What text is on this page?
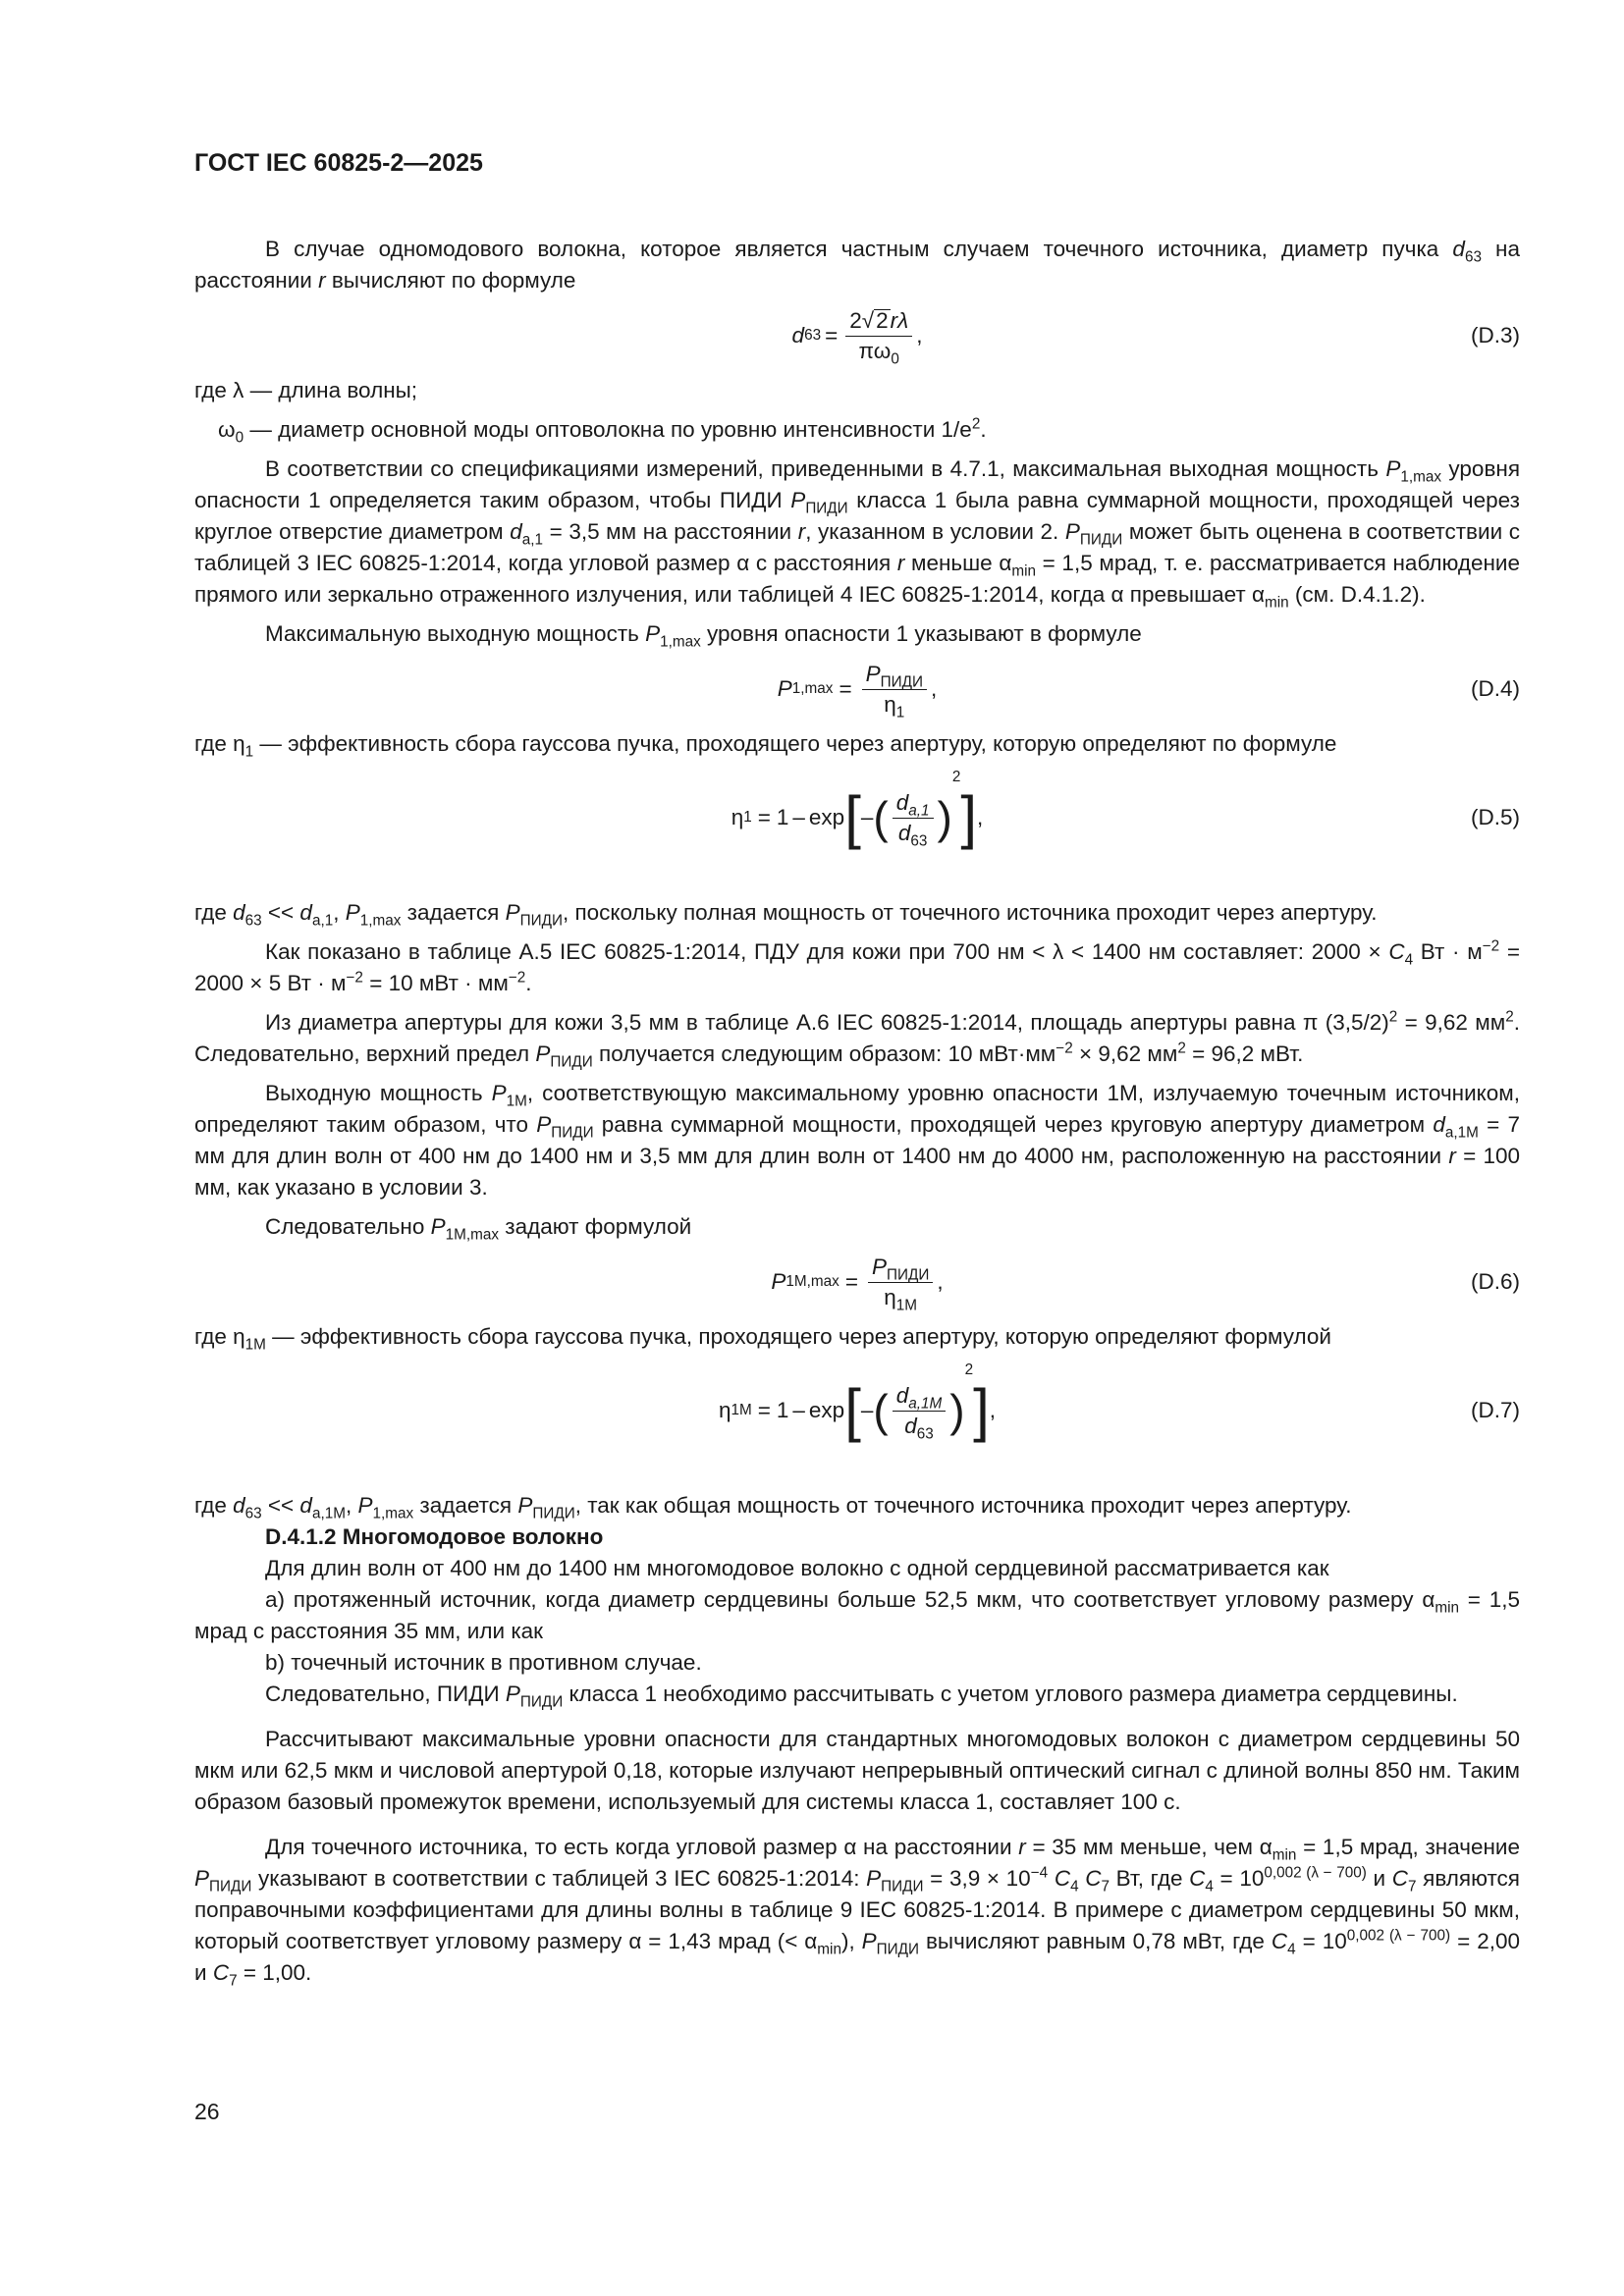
ГОСТ IEC 60825-2—2025

В случае одномодового волокна, которое является частным случаем точечного источника, диаметр пучка $d_{63}$ на расстоянии r вычисляют по формуле

d $63 = \frac{2√2r\lambda}{\pi\omega_0}$ ,	(D.3)

где λ — длина волны;

$\omega_0$ — диаметр основной моды оптоволокна по уровню интенсивности $1/e^2$.

В соответствии со спецификациями измерений, приведенными в 4.7.1, максимальная выходная мощность $P_{1,max}$ уровня опасности 1 определяется таким образом, чтобы ПИДИ $P_{ПИДИ}$ класса 1 была равна суммарной мощности, проходящей через круглое отверстие диаметром $d_{a,1} = 3,5$ мм на расстоянии r, указанном в условии 2. $P_{ПИДИ}$ может быть оценена в соответствии с таблицей 3 IEC 60825-1:2014, когда угловой размер α с расстояния r меньше $\alpha_{min} = 1,5$ мрад, т. е. рассматривается наблюдение прямого или зеркально отраженного излучения, или таблицей 4 IEC 60825-1:2014, когда α превышает $\alpha_{min}$ (см. D.4.1.2).

Максимальную выходную мощность $P_{1,max}$ уровня опасности 1 указывают в формуле

P $1,\max = \frac{P_{ПИДИ}}{\eta_1}$ ,	(D.4)

где $\eta_1$ — эффективность сбора гауссова пучка, проходящего через апертуру, которую определяют по формуле

η 1 = 1 – exp [ – ( $\frac{d_{a,1}}{d_{63}}$ )
2
] ,	(D.5)

где $d_{63} << d_{a,1}$, $P_{1,max}$ задается $P_{ПИДИ}$, поскольку полная мощность от точечного источника проходит через апертуру.

Как показано в таблице А.5 IEC 60825-1:2014, ПДУ для кожи при 700 нм < λ < 1400 нм составляет: $2000 \times C_4$ Вт · $м^{-2} = 2000 \times 5$ Вт · $м^{-2} = 10$ мВт · $мм^{-2}$.

Из диаметра апертуры для кожи 3,5 мм в таблице А.6 IEC 60825-1:2014, площадь апертуры равна π $(3,5/2)^2 = 9,62$ $мм^2$. Следовательно, верхний предел $P_{ПИДИ}$ получается следующим образом: 10 $мВт\cdot мм^{-2} \times 9,62$ $мм^2 = 96,2$ мВт.

Выходную мощность $P_{1M}$, соответствующую максимальному уровню опасности 1M, излучаемую точечным источником, определяют таким образом, что $P_{ПИДИ}$ равна суммарной мощности, проходящей через круговую апертуру диаметром $d_{a,1M} = 7$ мм для длин волн от 400 нм до 1400 нм и 3,5 мм для длин волн от 1400 нм до 4000 нм, расположенную на расстоянии r = 100 мм, как указано в условии 3.

Следовательно $P_{1M,max}$ задают формулой

P $1M,\max = \frac{P_{ПИДИ}}{\eta_{1M}}$ ,	(D.6)

где $\eta_{1M}$ — эффективность сбора гауссова пучка, проходящего через апертуру, которую определяют формулой

η 1M = 1 – exp [ – ( $\frac{d_{a,1M}}{d_{63}}$ )
2
] ,	(D.7)

где $d_{63} << d_{a,1M}$, $P_{1,max}$ задается $P_{ПИДИ}$, так как общая мощность от точечного источника проходит через апертуру.

D.4.1.2 Многомодовое волокно

Для длин волн от 400 нм до 1400 нм многомодовое волокно с одной сердцевиной рассматривается как

a) протяженный источник, когда диаметр сердцевины больше 52,5 мкм, что соответствует угловому размеру $\alpha_{min} = 1,5$ мрад с расстояния 35 мм, или как

b) точечный источник в противном случае.

Следовательно, ПИДИ $P_{ПИДИ}$ класса 1 необходимо рассчитывать с учетом углового размера диаметра сердцевины.

Рассчитывают максимальные уровни опасности для стандартных многомодовых волокон с диаметром сердцевины 50 мкм или 62,5 мкм и числовой апертурой 0,18, которые излучают непрерывный оптический сигнал с длиной волны 850 нм. Таким образом базовый промежуток времени, используемый для системы класса 1, составляет 100 с.

Для точечного источника, то есть когда угловой размер α на расстоянии r = 35 мм меньше, чем $\alpha_{min} = 1,5$ мрад, значение $P_{ПИДИ}$ указывают в соответствии с таблицей 3 IEC 60825-1:2014: $P_{ПИДИ} = 3,9 \times 10^{-4}$ $C_4$ $C_7$ Вт, где $C_4 = 10^{0,002 (\lambda - 700)}$ и $C_7$ являются поправочными коэффициентами для длины волны в таблице 9 IEC 60825-1:2014. В примере с диаметром сердцевины 50 мкм, который соответствует угловому размеру α = 1,43 мрад (< $\alpha_{min}$), $P_{ПИДИ}$ вычисляют равным 0,78 мВт, где $C_4 = 10^{0,002 (\lambda - 700)} = 2,00$ и $C_7 = 1,00$.

26
